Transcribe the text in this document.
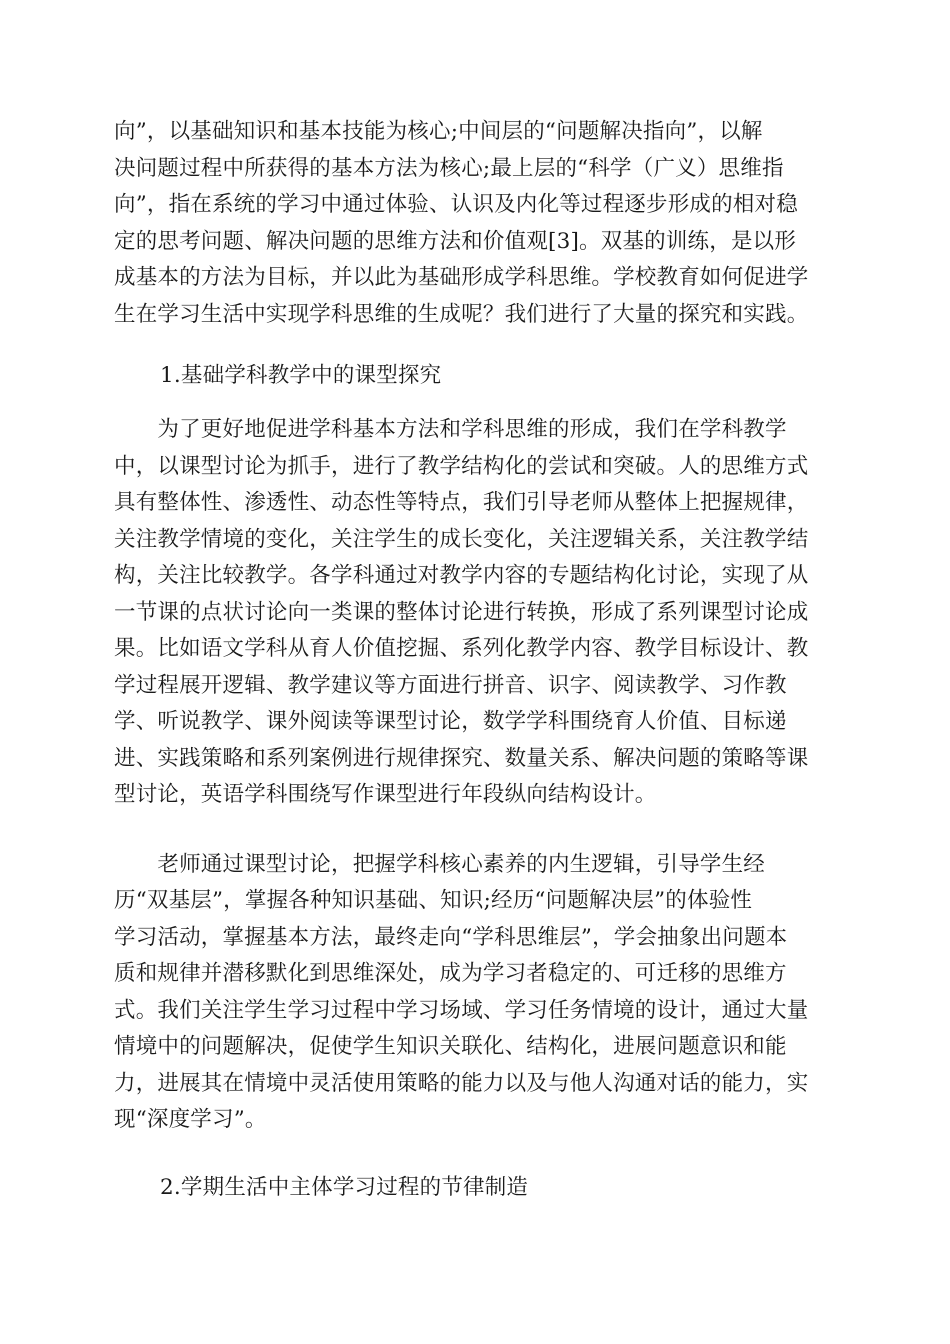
向”，以基础知识和基本技能为核心;中间层的“问题解决指向”，以解
决问题过程中所获得的基本方法为核心;最上层的“科学（广义）思维指
向”，指在系统的学习中通过体验、认识及内化等过程逐步形成的相对稳
定的思考问题、解决问题的思维方法和价值观[3]。双基的训练，是以形
成基本的方法为目标，并以此为基础形成学科思维。学校教育如何促进学
生在学习生活中实现学科思维的生成呢？我们进行了大量的探究和实践。
1.基础学科教学中的课型探究
　　为了更好地促进学科基本方法和学科思维的形成，我们在学科教学
中，以课型讨论为抓手，进行了教学结构化的尝试和突破。人的思维方式
具有整体性、渗透性、动态性等特点，我们引导老师从整体上把握规律，
关注教学情境的变化，关注学生的成长变化，关注逻辑关系，关注教学结
构，关注比较教学。各学科通过对教学内容的专题结构化讨论，实现了从
一节课的点状讨论向一类课的整体讨论进行转换，形成了系列课型讨论成
果。比如语文学科从育人价值挖掘、系列化教学内容、教学目标设计、教
学过程展开逻辑、教学建议等方面进行拼音、识字、阅读教学、习作教
学、听说教学、课外阅读等课型讨论，数学学科围绕育人价值、目标递
进、实践策略和系列案例进行规律探究、数量关系、解决问题的策略等课
型讨论，英语学科围绕写作课型进行年段纵向结构设计。
　　老师通过课型讨论，把握学科核心素养的内生逻辑，引导学生经
历“双基层”，掌握各种知识基础、知识;经历“问题解决层”的体验性
学习活动，掌握基本方法，最终走向“学科思维层”，学会抽象出问题本
质和规律并潜移默化到思维深处，成为学习者稳定的、可迁移的思维方
式。我们关注学生学习过程中学习场域、学习任务情境的设计，通过大量
情境中的问题解决，促使学生知识关联化、结构化，进展问题意识和能
力，进展其在情境中灵活使用策略的能力以及与他人沟通对话的能力，实
现“深度学习”。
2.学期生活中主体学习过程的节律制造
